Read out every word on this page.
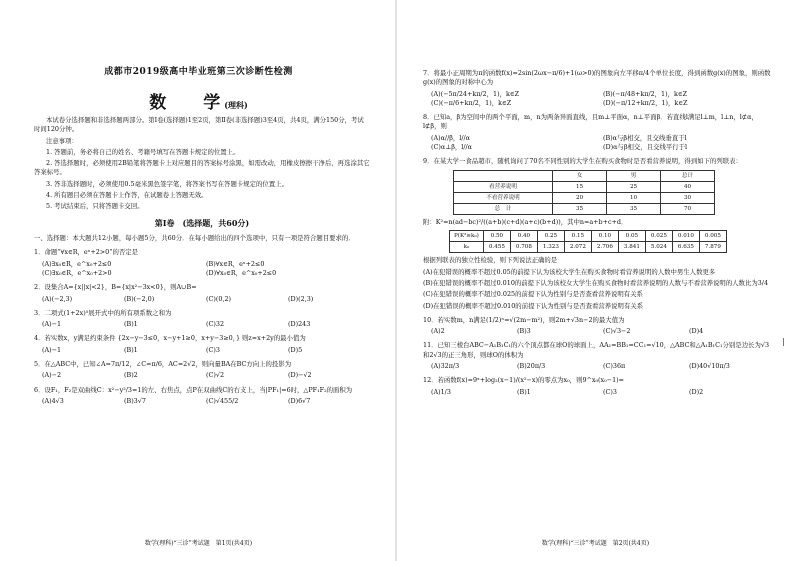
成都市2019级高中毕业班第三次诊断性检测
数　学(理科)

本试卷分选择题和非选择题两部分。第Ⅰ卷(选择题)1至2页，第Ⅱ卷(非选择题)3至4页，共4页，满分150分，考试时间120分钟。

注意事项：

1. 答题前，务必将自己的姓名、考籍号填写在答题卡规定的位置上。

2. 答选择题时，必须使用2B铅笔将答题卡上对应题目的答案标号涂黑，如需改动，用橡皮擦擦干净后，再选涂其它答案标号。

3. 答非选择题时，必须使用0.5毫米黑色签字笔，将答案书写在答题卡规定的位置上。

4. 所有题目必须在答题卡上作答，在试题卷上答题无效。

5. 考试结束后，只将答题卡交回。

第Ⅰ卷　(选择题，共60分)

一、选择题：本大题共12小题，每小题5分，共60分．在每小题给出的四个选项中，只有一项是符合题目要求的．

1．命题“∀x∈R，eˣ+2>0”的否定是

(A)∃x₀∈R，e^x₀+2≤0	(B)∀x∈R，eˣ+2≤0
(C)∃x₀∈R，e^x₀+2>0	(D)∀x₀∈R，e^x₀+2≤0

2．设集合A={x||x|<2}，B={x|x²−3x<0}，则A∪B=

(A)(−2,3)	(B)(−2,0)	(C)(0,2)	(D)(2,3)

3．二项式(1+2x)⁵展开式中的所有项系数之和为

(A)−1	(B)1	(C)32	(D)243

4．若实数x，y满足约束条件 {2x−y−3≤0，x−y+1≥0，x+y−3≥0，} 则z=x+2y的最小值为

(A)−1	(B)1	(C)3	(D)5

5．在△ABC中，已知∠A=7π/12，∠C=π/6，AC=2√2，则向量BA在BC方向上的投影为

(A)−2	(B)2	(C)√2	(D)−√2

6．设F₁，F₂是双曲线C：x²−y²/3=1的左、右焦点，点P在双曲线C的右支上，当|PF₁|=6时，△PF₁F₂的面积为

(A)4√3	(B)3√7	(C)√455/2	(D)6√7
数学(理科)“三诊”考试题　第1页(共4页)

7．将最小正周期为π的函数f(x)=2sin(2ωx−π/6)+1(ω>0)的图象向左平移π/4个单位长度，得到函数g(x)的图象，则函数g(x)的图象的对称中心为

(A)(−5π/24+kπ/2，1)，k∈Z	(B)(−π/48+kπ/2，1)，k∈Z
(C)(−π/6+kπ/2，1)，k∈Z	(D)(−π/12+kπ/2，1)，k∈Z

8．已知a，β为空间中的两个平面，m，n为两条异面直线，且m⊥平面α，n⊥平面β．若直线l满足l⊥m，l⊥n，l⊄α，l⊄β，则

(A)α//β，l//α	(B)α与β相交，且交线垂直于l
(C)α⊥β，l//α	(D)α与β相交，且交线平行于l

9．在某大学一食品超市，随机询问了70名不同性别的大学生在购买食物时是否看营养说明，得到如下的列联表：

	女	男	总计
看营养说明	15	25	40
不看营养说明	20	10	30
总　计	35	35	70

附：K²=n(ad−bc)²/((a+b)(c+d)(a+c)(b+d))，其中n=a+b+c+d．

P(K²≥k₀)	0.50	0.40	0.25	0.15	0.10	0.05	0.025	0.010	0.005
k₀	0.455	0.708	1.323	2.072	2.706	3.841	5.024	6.635	7.879

根据列联表的独立性检验，则下列说法正确的是

(A)在犯错误的概率不超过0.05的前提下认为该校大学生在购买食物时看营养说明的人数中男生人数更多

(B)在犯错误的概率不超过0.010的前提下认为该校女大学生在购买食物时看营养说明的人数与不看营养说明的人数比为3/4

(C)在犯错误的概率不超过0.025的前提下认为性别与是否查看营养说明有关系

(D)在犯错误的概率不超过0.010的前提下认为性别与是否查看营养说明有关系

10．若实数m，n满足(1/2)ⁿ=√(2m−m²)，则2m+√3n−2的最大值为

(A)2	(B)3	(C)√3−2	(D)4

11．已知三棱台ABC−A₁B₁C₁的六个顶点都在球O的球面上，AA₁=BB₁=CC₁=√10，△ABC和△A₁B₁C₁分别是边长为√3和2√3的正三角形，则球O的体积为

(A)32π/3	(B)20π/3	(C)36π	(D)40√10π/3

12．若函数f(x)=9ˣ+log₂(x−1)/(x²−x)的零点为x₀，则9^x₀(x₀−1)=

(A)1/3	(B)1	(C)3	(D)2
数学(理科)“三诊”考试题　第2页(共4页)
